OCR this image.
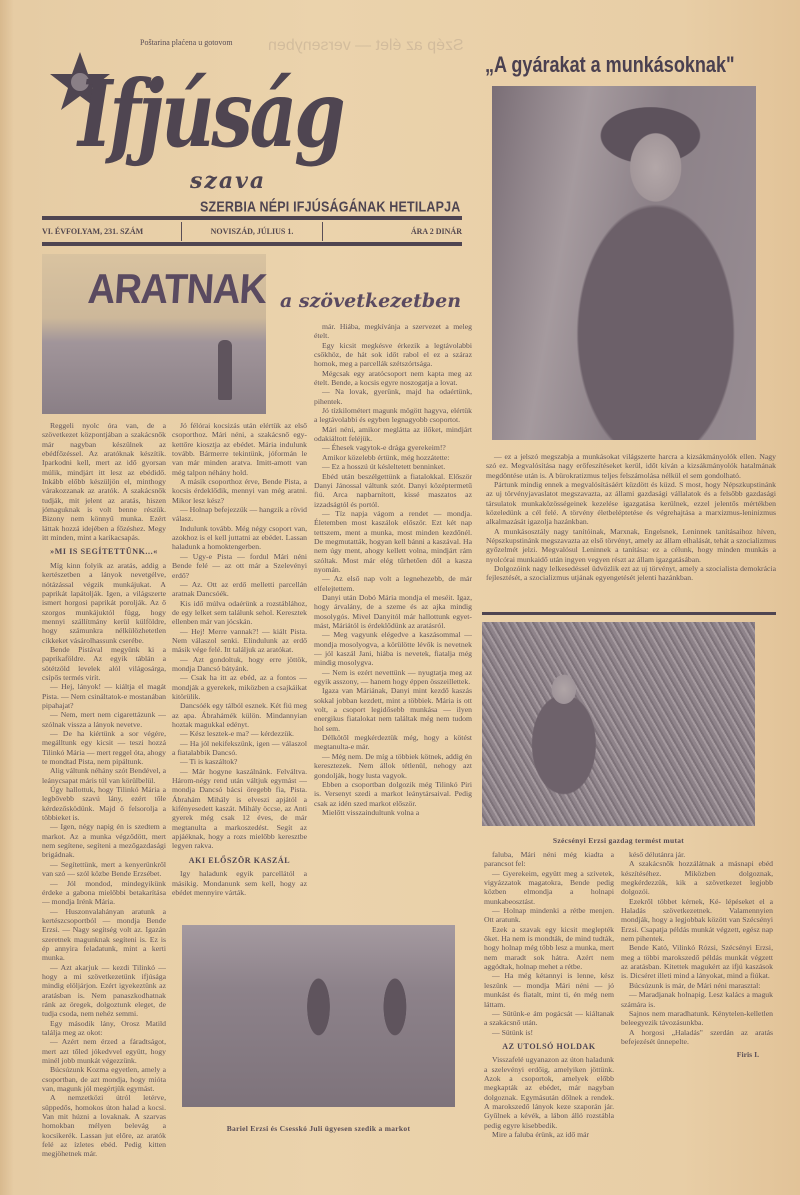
Poštarina plaćena u gotovom Szép az élet — versenyben
Ifjúság
szava
SZERBIA NÉPI IFJÚSÁGÁNAK HETILAPJA
VI. ÉVFOLYAM, 231. SZÁM	NOVISZÁD, JÚLIUS 1.	ÁRA 2 DINÁR
„A gyárakat a munkásoknak"

— ez a jelszó megszabja a munkásokat világszerte harcra a kizsákmányolók ellen. Nagy szó ez. Megvalósítása nagy erőfeszítéseket kerül, időt kíván a kizsákmányolók hatalmának megdöntése után is. A bürokratizmus teljes felszámolása nélkül el sem gondolható.

Pártunk mindig ennek a megvalósításáért küzdött és küzd. S most, hogy Népszkupstinánk az uj törvényjavaslatot megszavazta, az állami gazdasági vállalatok és a felsőbb gazdasági társulatok munkaközösségeinek kezelése igazgatása kerülnek, ezzel jelentős mértékben közeledünk a cél felé. A törvény életbeléptetése és végrehajtása a marxizmus-leninizmus alkalmazását igazolja hazánkban.

A munkásosztály nagy tanítóinak, Marxnak, Engelsnek, Leninnek tanításaihoz híven, Népszkupstinánk megszavazta az első törvényt, amely az állam elhalását, tehát a szocializmus győzelmét jelzi. Megvalósul Leninnek a tanítása: ez a célunk, hogy minden munkás a nyolcórai munkaidő után ingyen vegyen részt az állam igazgatásában.

Dolgozóink nagy lelkesedéssel üdvözlik ezt az uj törvényt, amely a szocialista demokrácia fejlesztését, a szocializmus utjának egyengetését jelenti hazánkban.

Szécsényi Erzsi gazdag termést mutat
ARATNAK a szövetkezetben

Reggeli nyolc óra van, de a szövetkezet központjában a szakácsnők már nagyban készülnek az ebédfőzéssel. Az aratóknak készítik. Iparkodni kell, mert az idő gyorsan múlik, mindjárt itt lesz az ebédidő. Inkább előbb készüljön el, minthogy várakozzanak az aratók. A szakácsnők tudják, mit jelent az aratás, hiszen jómaguknak is volt benne részük. Bizony nem könnyű munka. Ezért láttak hozzá idejében a főzéshez. Megy itt minden, mint a karikacsapás.

»MI IS SEGÍTETTÜNK...«

Míg kinn folyik az aratás, addig a kertészetben a lányok nevetgélve, nótázással végzik munkájukat. A paprikát lapátolják. Igen, a világszerte ismert horgosi paprikát porolják. Az ő szorgos munkájuktól függ, hogy mennyi szállítmány kerül külföldre, hogy számunkra nélkülözhetetlen cikkeket vásárolhassunk cserébe.

Bende Pistával megyünk ki a paprikaföldre. Az egyik táblán a sötétzöld levelek alól világosárga, csípős termés virít.

— Hej, lányok! — kiáltja el magát Pista. — Nem csináltatok-e mostanában pipahajat?

— Nem, mert nem cigarettázunk — szólnak vissza a lányok nevetve.

— De ha kiértünk a sor végére, megálltunk egy kicsit — teszi hozzá Tilinkó Mária — mert reggel óta, ahogy te mondtad Pista, nem pipáltunk.

Alig váltunk néhány szót Bendével, a leánycsapat máris túl van körülbelül.

Úgy hallottuk, hogy Tilinkó Mária a legbővebb szavú lány, ezért tőle kérdezősködünk. Majd ő felsorolja a többieket is.

— Igen, négy napig én is szedtem a markot. Az a munka végződött, mert nem segítene, segíteni a mezőgazdasági brigádnak.

— Segítettünk, mert a kenyerünkről van szó — szól közbe Bende Erzsébet.

— Jól mondod, mindegyikünk érdeke a gabona mielőbbi betakarítása — mondja Irénk Mária.

— Huszonvalahányan aratunk a kertészcsoportból — mondja Bende Erzsi. — Nagy segítség volt az. Igazán szeretnek magunknak segíteni is. Ez is ép annyira feladatunk, mint a kerti munka.

— Azt akarjuk — kezdi Tilinkó — hogy a mi szövetkezetünk ifjúsága mindig elöljárjon. Ezért igyekeztünk az aratásban is. Nem panaszkodhatnak ránk az öregek, dolgoztunk eleget, de tudja csoda, nem nehéz semmi.

Egy második lány, Orosz Matild találja meg az okot:

— Azért nem érzed a fáradtságot, mert azt tőled jókedvvel együtt, hogy minél jobb munkát végezzünk.

Búcsúzunk Kozma egyetlen, amely a csoportban, de azt mondja, hogy mióta van, magunk jól megértjük egymást.

A nemzetközi útról letérve, süppedős, homokos úton halad a kocsi. Van mit húzni a lovaknak. A szarvas homokban mélyen belevág a kocsikerék. Lassan jut előre, az aratók felé az ízletes ebéd. Pedig kitten megjöhetnek már.

Jó félórai kocsizás után elértük az első csoporthoz. Mári néni, a szakácsnő egy-kettőre kiosztja az ebédet. Mária indulunk tovább. Bármerre tekintünk, jóformán le van már minden aratva. Imitt-amott van még talpon néhány hold.

A másik csoporthoz érve, Bende Pista, a kocsis érdeklődik, mennyi van még aratni. Mikor lesz kész?

— Holnap befejezzük — hangzik a rövid válasz.

Indulunk tovább. Még négy csoport van, azokhoz is el kell juttatni az ebédet. Lassan haladunk a homoktengerben.

— Ugy-e Pista — fordul Mári néni Bende felé — az ott már a Szelevényi erdő?

— Az. Ott az erdő melletti parcellán aratnak Dancsóék.

Kis idő múlva odaérünk a rozstáblához, de egy lelket sem találunk sehol. Keresztek ellenben már van jócskán.

— Hej! Merre vannak?! — kiált Pista. Nem válaszol senki. Elindulunk az erdő másik vége felé. Itt találjuk az aratókat.

— Azt gondoltuk, hogy erre jöttök, mondja Dancsó bátyánk.

— Csak ha itt az ebéd, az a fontos — mondják a gyerekek, miközben a csajkáikat kitörülik.

Dancsóék egy tálból esznek. Két fiú meg az apa. Ábrahámék külön. Mindannyian hoztak magukkal edényt.

— Kész lesztek-e ma? — kérdezzük.

— Ha jól nekifekszünk, igen — válaszol a fiatalabbik Dancsó.

— Ti is kaszáltok?

— Már hogyne kaszálnánk. Felváltva. Három-négy rend után váltjuk egymást — mondja Dancsó bácsi öregebb fia, Pista. Ábrahám Mihály is elveszi apjától a kifényesedett kaszát. Mihály öccse, az Anti gyerek még csak 12 éves, de már megtanulta a markoszedést. Segít az apjáéknak, hogy a rozs mielőbb keresztbe legyen rakva.

AKI ELŐSZÖR KASZÁL

Igy haladunk egyik parcellától a másikig. Mondanunk sem kell, hogy az ebédet mennyire várták.

már. Hiába, megkívánja a szervezet a meleg ételt.

Egy kicsit megkésve érkezik a legtávolabbi csőkhöz, de hát sok időt rabol el ez a száraz homok, meg a parcellák szétszórtsága.

Mégcsak egy aratócsoport nem kapta meg az ételt. Bende, a kocsis egyre noszogatja a lovat.

— Na lovak, gyerünk, majd ha odaértünk, pihentek.

Jó tízkilométert magunk mögött hagyva, elértük a legtávolabbi és egyben legnagyobb csoportot.

Mári néni, amikor meglátta az ilőket, mindjárt odakiáltott feléjük.

— Éhesek vagytok-e drága gyerekeim!?

Amikor közelebb értünk, még hozzátette:

— Ez a hosszú út késleltetett benninket.

Ebéd után beszélgettünk a fiatalokkal. Először Danyi Jánossal váltunk szót. Danyi középtermetű fiú. Arca napbarnított, kissé maszatos az izzadságtól és portól.

— Tíz napja vágom a rendet — mondja. Életemben most kaszálok először. Ezt két nap tettszem, ment a munka, most minden kezdőnél. De megmutatták, hogyan kell bánni a kaszával. Ha nem úgy ment, ahogy kellett volna, mindjárt rám szóltak. Most már elég tűrhetően dől a kasza nyomán.

— Az első nap volt a legnehezebb, de már elfelejtettem.

Danyi után Dobó Mária mondja el meséit. Igaz, hogy árvalány, de a szeme és az ajka mindig mosolygós. Mivel Danyitól már hallottunk egyet-mást, Máriától is érdeklődünk az aratásról.

— Meg vagyunk elégedve a kaszásommal — mondja mosolyogva, a körülötte lévők is nevetnek — jól kaszál Jani, hiába is nevetek, fiatalja még mindig mosolygva.

— Nem is ezért nevettünk — nyugtatja meg az egyik asszony, — hanem hogy éppen összeillettek.

Igaza van Máriának, Danyi mint kezdő kaszás sokkal jobban kezdett, mint a többiek. Mária is ott volt, a csoport legidősebb munkása — ilyen energikus fiatalokat nem találtak még nem tudom hol sem.

Délkötől megkérdeztük még, hogy a kötést megtanulta-e már.

— Még nem. De míg a többiek kötnek, addig én keresztezek. Nem állok tétlenül, nehogy azt gondolják, hogy lusta vagyok.

Ebben a csoportban dolgozik még Tilinkó Piri is. Versenyt szedi a markot leánytársaival. Pedig csak az idén szed markot először.

Mielőtt visszaindultunk volna a

Bariel Erzsi és Csesskó Juli ügyesen szedik a markot

faluba, Mári néni még kiadta a parancsot fel:

— Gyerekeim, együtt meg a szívetek, vigyázzatok magatokra, Bende pedig közben elmondja a holnapi munkabeosztást.

— Holnap mindenki a rétbe menjen. Ott aratunk.

Ezek a szavak egy kicsit meglepték őket. Ha nem is mondták, de mind tudták, hogy holnap még több lesz a munka, mert nem maradt sok hátra. Azért nem aggódtak, holnap mehet a rétbe.

— Ha még kétannyi is lenne, kész leszünk — mondja Mári néni — jó munkást és fiatalt, mint ti, én még nem láttam.

— Sütünk-e ám pogácsát — kiáltanak a szakácsnő után.

— Sütünk is!

AZ UTOLSÓ HOLDAK

Visszafelé ugyanazon az úton haladunk a szelevényi erdőig, amelyiken jöttünk. Azok a csoportok, amelyek előbb megkapták az ebédet, már nagyban dolgoznak. Egymásután dőlnek a rendek. A marokszedő lányok keze szaporán jár. Gyűlnek a kévék, a lábon álló rozstábla pedig egyre kisebbedik.

Mire a faluba érünk, az idő már

késő délutánra jár.

A szakácsnők hozzálátnak a másnapi ebéd készítéséhez. Miközben dolgoznak, megkérdezzük, kik a szövetkezet legjobb dolgozói.

Ezekről többet kérnek, Ké- lépéseket el a Haladás szövetkezetnek. Valamennyien mondják, hogy a legjobbak között van Szécsényi Erzsi. Csapatja példás munkát végzett, egész nap nem pihentek.

Bende Kató, Vilinkó Rózsi, Szécsényi Erzsi, meg a többi marokszedő példás munkát végzett az aratásban. Kitettek magukért az ifjú kaszások is. Dicséret illeti mind a lányokat, mind a fiúkat.

Búcsúzunk is már, de Mári néni marasztal:

— Maradjanak holnapig. Lesz kalács a maguk számára is.

Sajnos nem maradhatunk. Kénytelen-kelletlen beleegyezik távozásunkba.

A horgosi „Haladás" szerdán az aratás befejezését ünnepelte.

Firis I.
